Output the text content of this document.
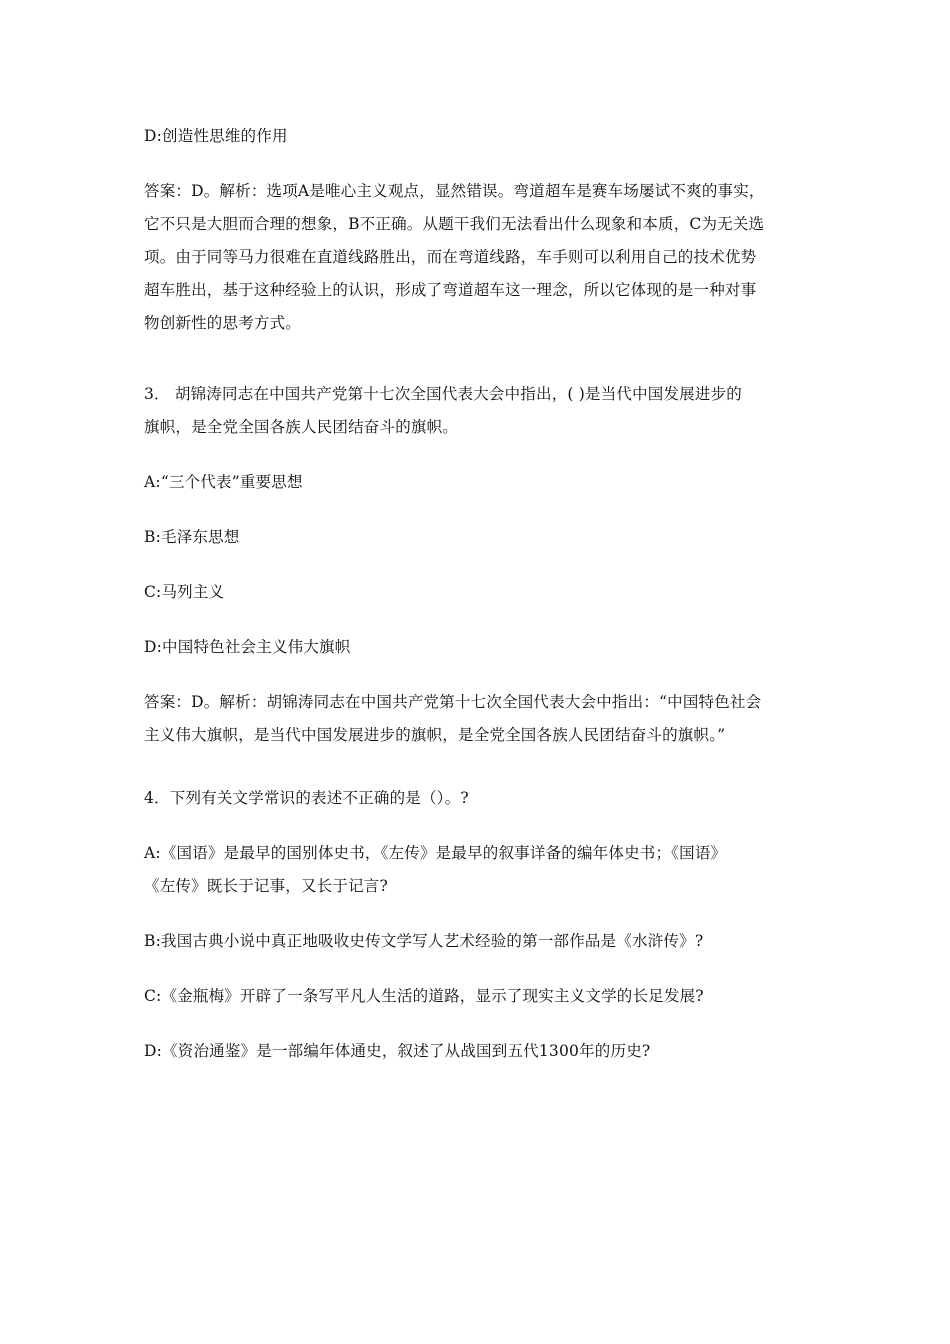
D:创造性思维的作用
答案：D。解析：选项A是唯心主义观点，显然错误。弯道超车是赛车场屡试不爽的事实，
它不只是大胆而合理的想象，B不正确。从题干我们无法看出什么现象和本质，C为无关选
项。由于同等马力很难在直道线路胜出，而在弯道线路，车手则可以利用自己的技术优势
超车胜出，基于这种经验上的认识，形成了弯道超车这一理念，所以它体现的是一种对事
物创新性的思考方式。
3． 胡锦涛同志在中国共产党第十七次全国代表大会中指出，( )是当代中国发展进步的
旗帜，是全党全国各族人民团结奋斗的旗帜。
A:“三个代表”重要思想
B:毛泽东思想
C:马列主义
D:中国特色社会主义伟大旗帜
答案：D。解析：胡锦涛同志在中国共产党第十七次全国代表大会中指出：“中国特色社会
主义伟大旗帜，是当代中国发展进步的旗帜，是全党全国各族人民团结奋斗的旗帜。”
4．下列有关文学常识的表述不正确的是（）。?
A:《国语》是最早的国别体史书，《左传》是最早的叙事详备的编年体史书；《国语》
《左传》既长于记事，又长于记言?
B:我国古典小说中真正地吸收史传文学写人艺术经验的第一部作品是《水浒传》?
C:《金瓶梅》开辟了一条写平凡人生活的道路，显示了现实主义文学的长足发展?
D:《资治通鉴》是一部编年体通史，叙述了从战国到五代1300年的历史?
